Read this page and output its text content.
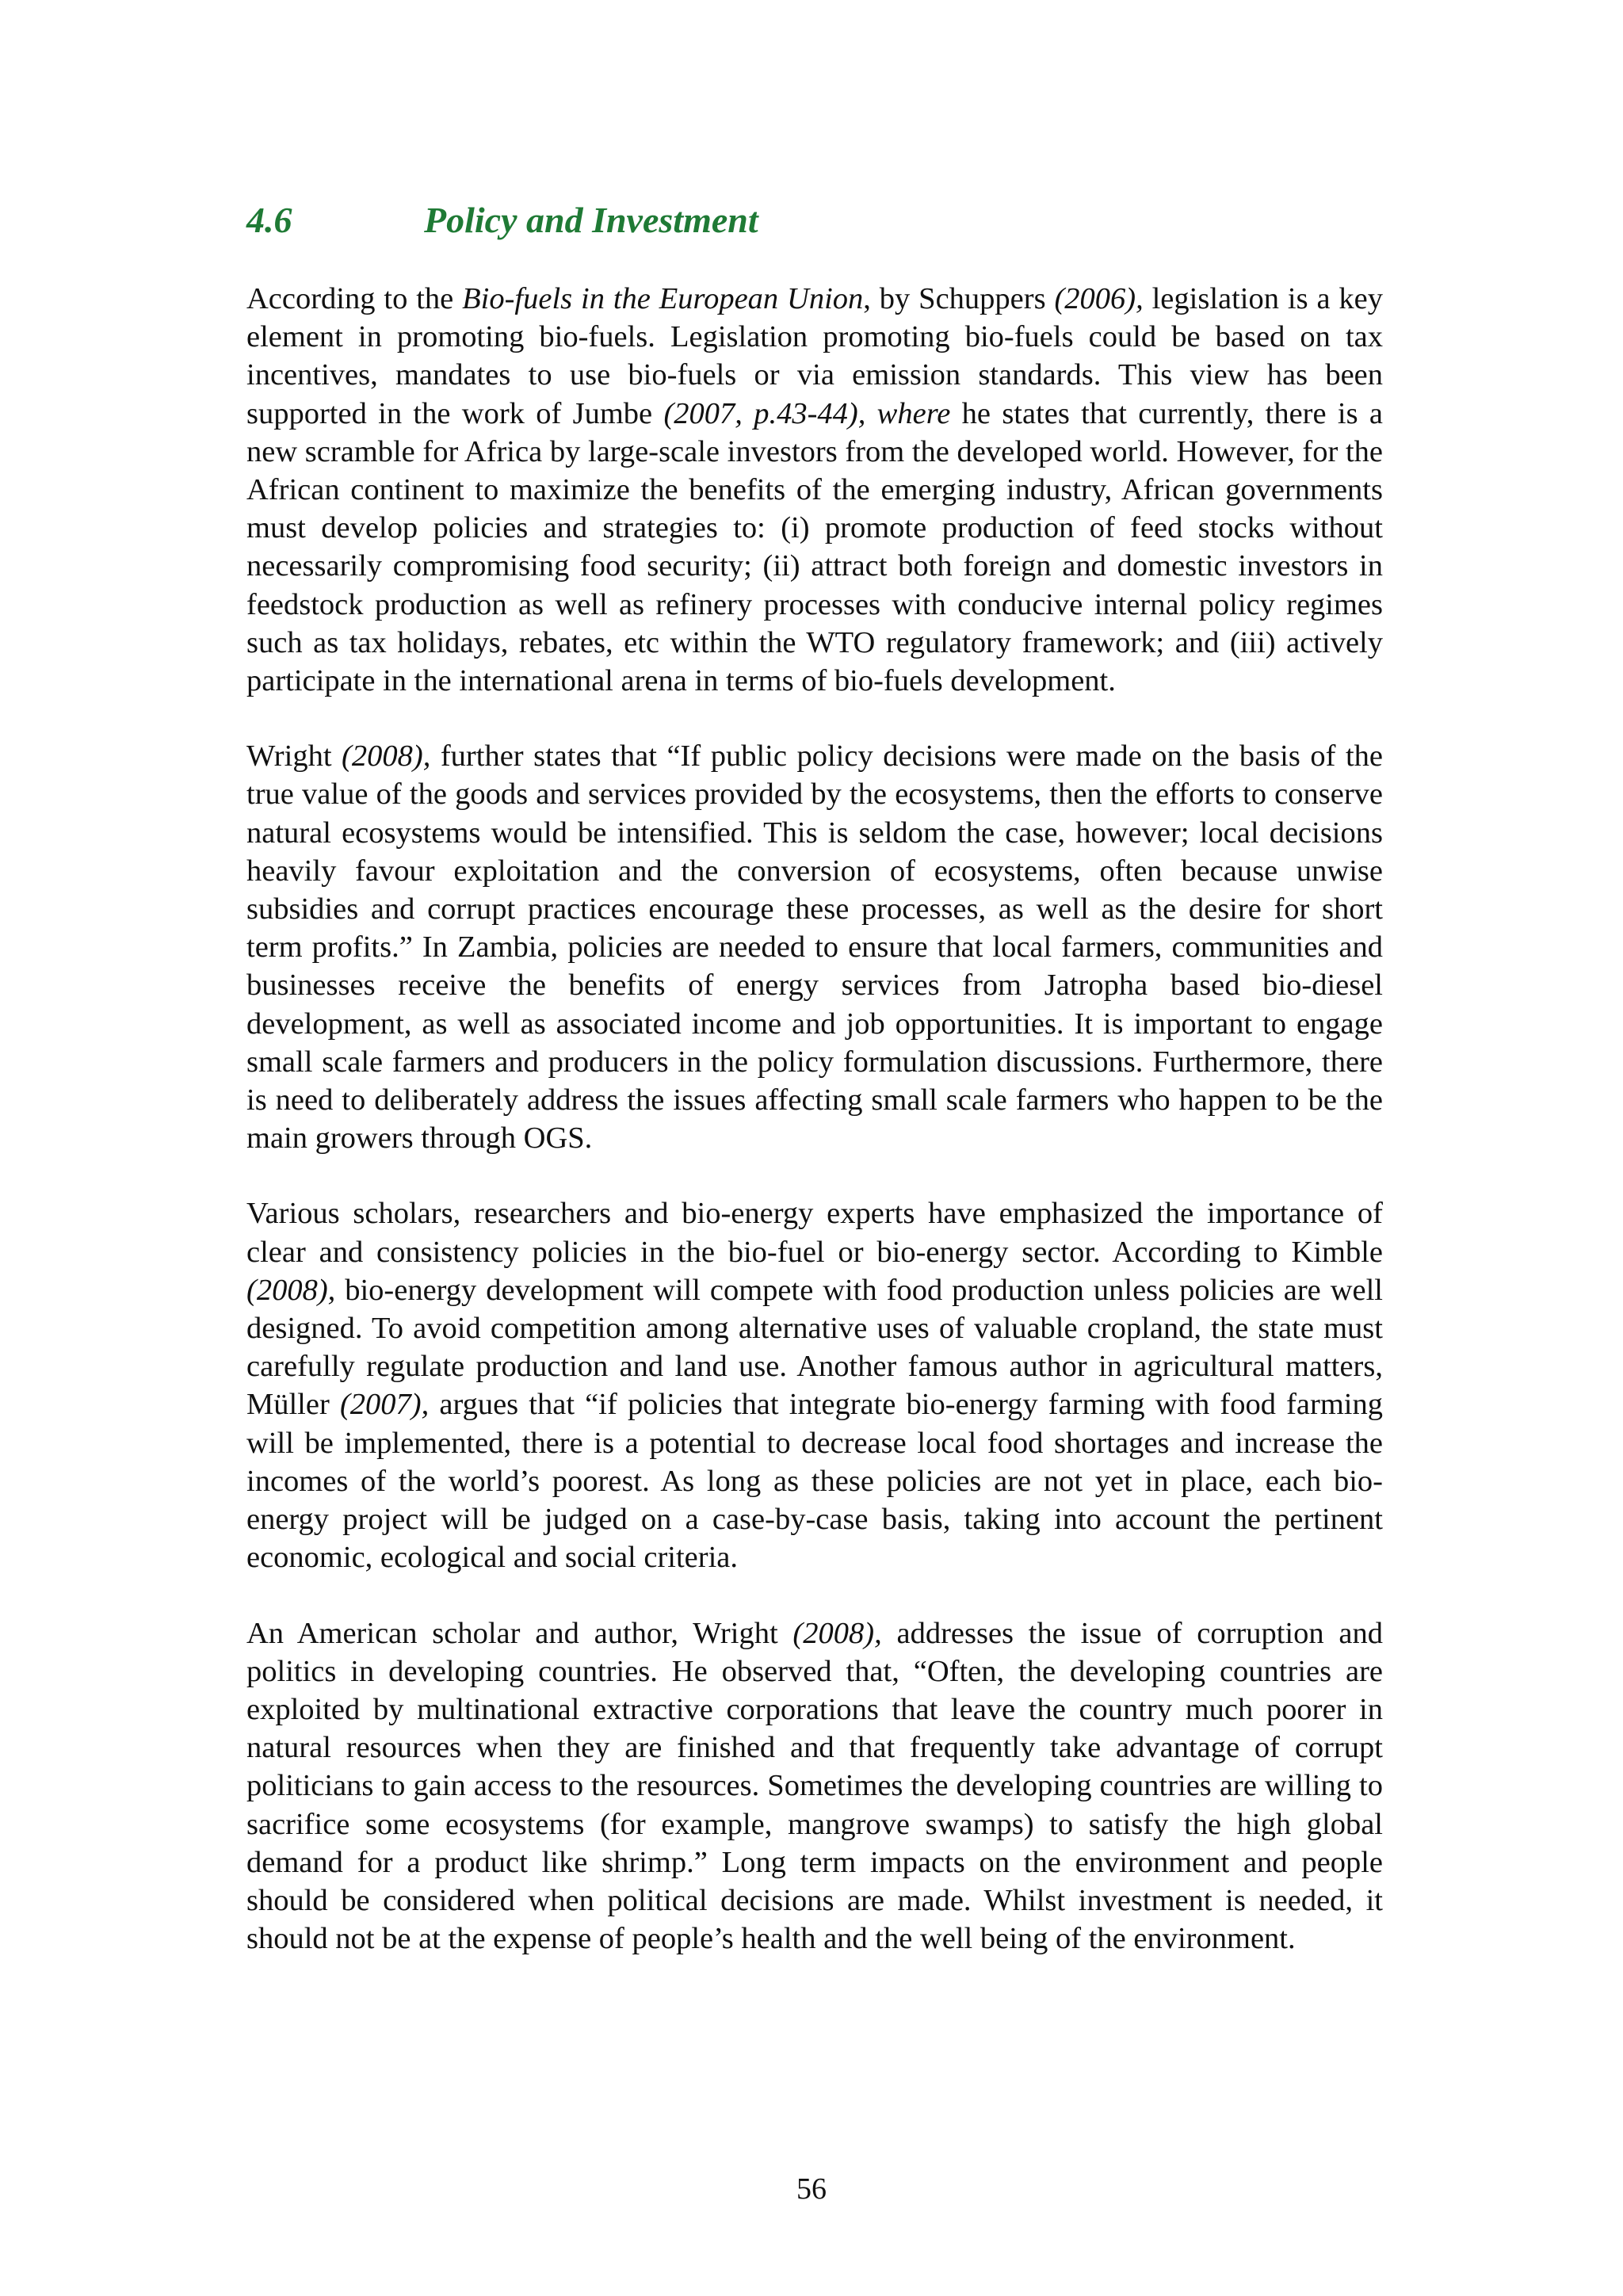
4.6	Policy and Investment

According to the Bio-fuels in the European Union, by Schuppers (2006), legislation is a key element in promoting bio-fuels. Legislation promoting bio-fuels could be based on tax incentives, mandates to use bio-fuels or via emission standards. This view has been supported in the work of Jumbe (2007, p.43-44), where he states that currently, there is a new scramble for Africa by large-scale investors from the developed world. However, for the African continent to maximize the benefits of the emerging industry, African governments must develop policies and strategies to: (i) promote production of feed stocks without necessarily compromising food security; (ii) attract both foreign and domestic investors in feedstock production as well as refinery processes with conducive internal policy regimes such as tax holidays, rebates, etc within the WTO regulatory framework; and (iii) actively participate in the international arena in terms of bio-fuels development.

Wright (2008), further states that “If public policy decisions were made on the basis of the true value of the goods and services provided by the ecosystems, then the efforts to conserve natural ecosystems would be intensified. This is seldom the case, however; local decisions heavily favour exploitation and the conversion of ecosystems, often because unwise subsidies and corrupt practices encourage these processes, as well as the desire for short term profits.” In Zambia, policies are needed to ensure that local farmers, communities and businesses receive the benefits of energy services from Jatropha based bio-diesel development, as well as associated income and job opportunities. It is important to engage small scale farmers and producers in the policy formulation discussions. Furthermore, there is need to deliberately address the issues affecting small scale farmers who happen to be the main growers through OGS.

Various scholars, researchers and bio-energy experts have emphasized the importance of clear and consistency policies in the bio-fuel or bio-energy sector. According to Kimble (2008), bio-energy development will compete with food production unless policies are well designed. To avoid competition among alternative uses of valuable cropland, the state must carefully regulate production and land use. Another famous author in agricultural matters, Müller (2007), argues that “if policies that integrate bio-energy farming with food farming will be implemented, there is a potential to decrease local food shortages and increase the incomes of the world’s poorest. As long as these policies are not yet in place, each bio-energy project will be judged on a case-by-case basis, taking into account the pertinent economic, ecological and social criteria.

An American scholar and author, Wright (2008), addresses the issue of corruption and politics in developing countries. He observed that, “Often, the developing countries are exploited by multinational extractive corporations that leave the country much poorer in natural resources when they are finished and that frequently take advantage of corrupt politicians to gain access to the resources. Sometimes the developing countries are willing to sacrifice some ecosystems (for example, mangrove swamps) to satisfy the high global demand for a product like shrimp.” Long term impacts on the environment and people should be considered when political decisions are made. Whilst investment is needed, it should not be at the expense of people’s health and the well being of the environment.

56
